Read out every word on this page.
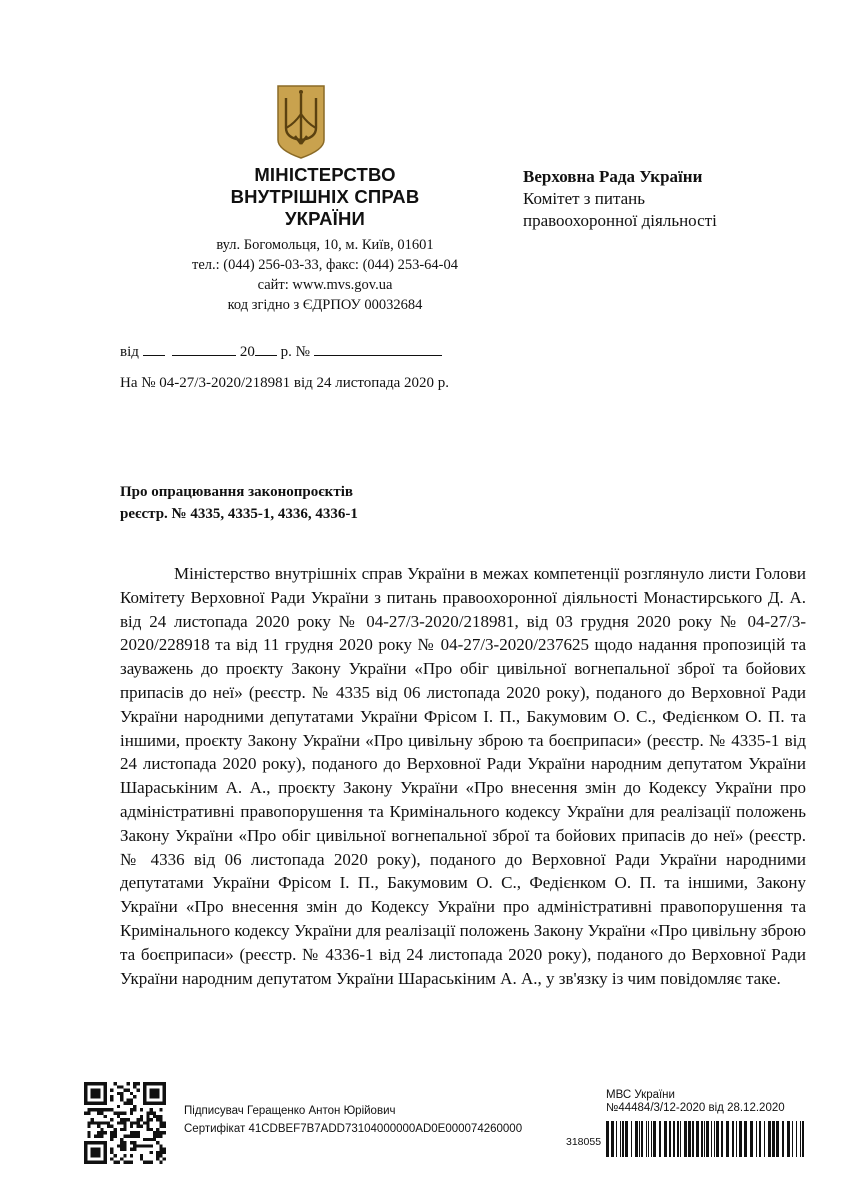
МІНІСТЕРСТВО
ВНУТРІШНІХ СПРАВ
УКРАЇНИ
вул. Богомольця, 10, м. Київ, 01601
тел.: (044) 256-03-33, факс: (044) 253-64-04
сайт: www.mvs.gov.ua
код згідно з ЄДРПОУ 00032684
Верховна Рада України
Комітет з питань
правоохоронної діяльності
від	20 р. №
На № 04-27/3-2020/218981 від 24 листопада 2020 р.
Про опрацювання законопроєктів
реєстр. № 4335, 4335-1, 4336, 4336-1
Міністерство внутрішніх справ України в межах компетенції розглянуло листи Голови Комітету Верховної Ради України з питань правоохоронної діяльності Монастирського Д. А. від 24 листопада 2020 року № 04-27/3-2020/218981, від 03 грудня 2020 року № 04-27/3-2020/228918 та від 11 грудня 2020 року № 04-27/3-2020/237625 щодо надання пропозицій та зауважень до проєкту Закону України «Про обіг цивільної вогнепальної зброї та бойових припасів до неї» (реєстр. № 4335 від 06 листопада 2020 року), поданого до Верховної Ради України народними депутатами України Фрісом І. П., Бакумовим О. С., Федієнком О. П. та іншими, проєкту Закону України «Про цивільну зброю та боєприпаси» (реєстр. № 4335-1 від 24 листопада 2020 року), поданого до Верховної Ради України народним депутатом України Шараськіним А. А., проєкту Закону України «Про внесення змін до Кодексу України про адміністративні правопорушення та Кримінального кодексу України для реалізації положень Закону України «Про обіг цивільної вогнепальної зброї та бойових припасів до неї» (реєстр. № 4336 від 06 листопада 2020 року), поданого до Верховної Ради України народними депутатами України Фрісом І. П., Бакумовим О. С., Федієнком О. П. та іншими, Закону України «Про внесення змін до Кодексу України про адміністративні правопорушення та Кримінального кодексу України для реалізації положень Закону України «Про цивільну зброю та боєприпаси» (реєстр. № 4336-1 від 24 листопада 2020 року), поданого до Верховної Ради України народним депутатом України Шараськіним А. А., у зв'язку із чим повідомляє таке.
Підписувач Геращенко Антон Юрійович
Сертифікат 41CDBEF7B7ADD73104000000AD0E000074260000
МВС України
№44484/3/12-2020 від 28.12.2020
318055
